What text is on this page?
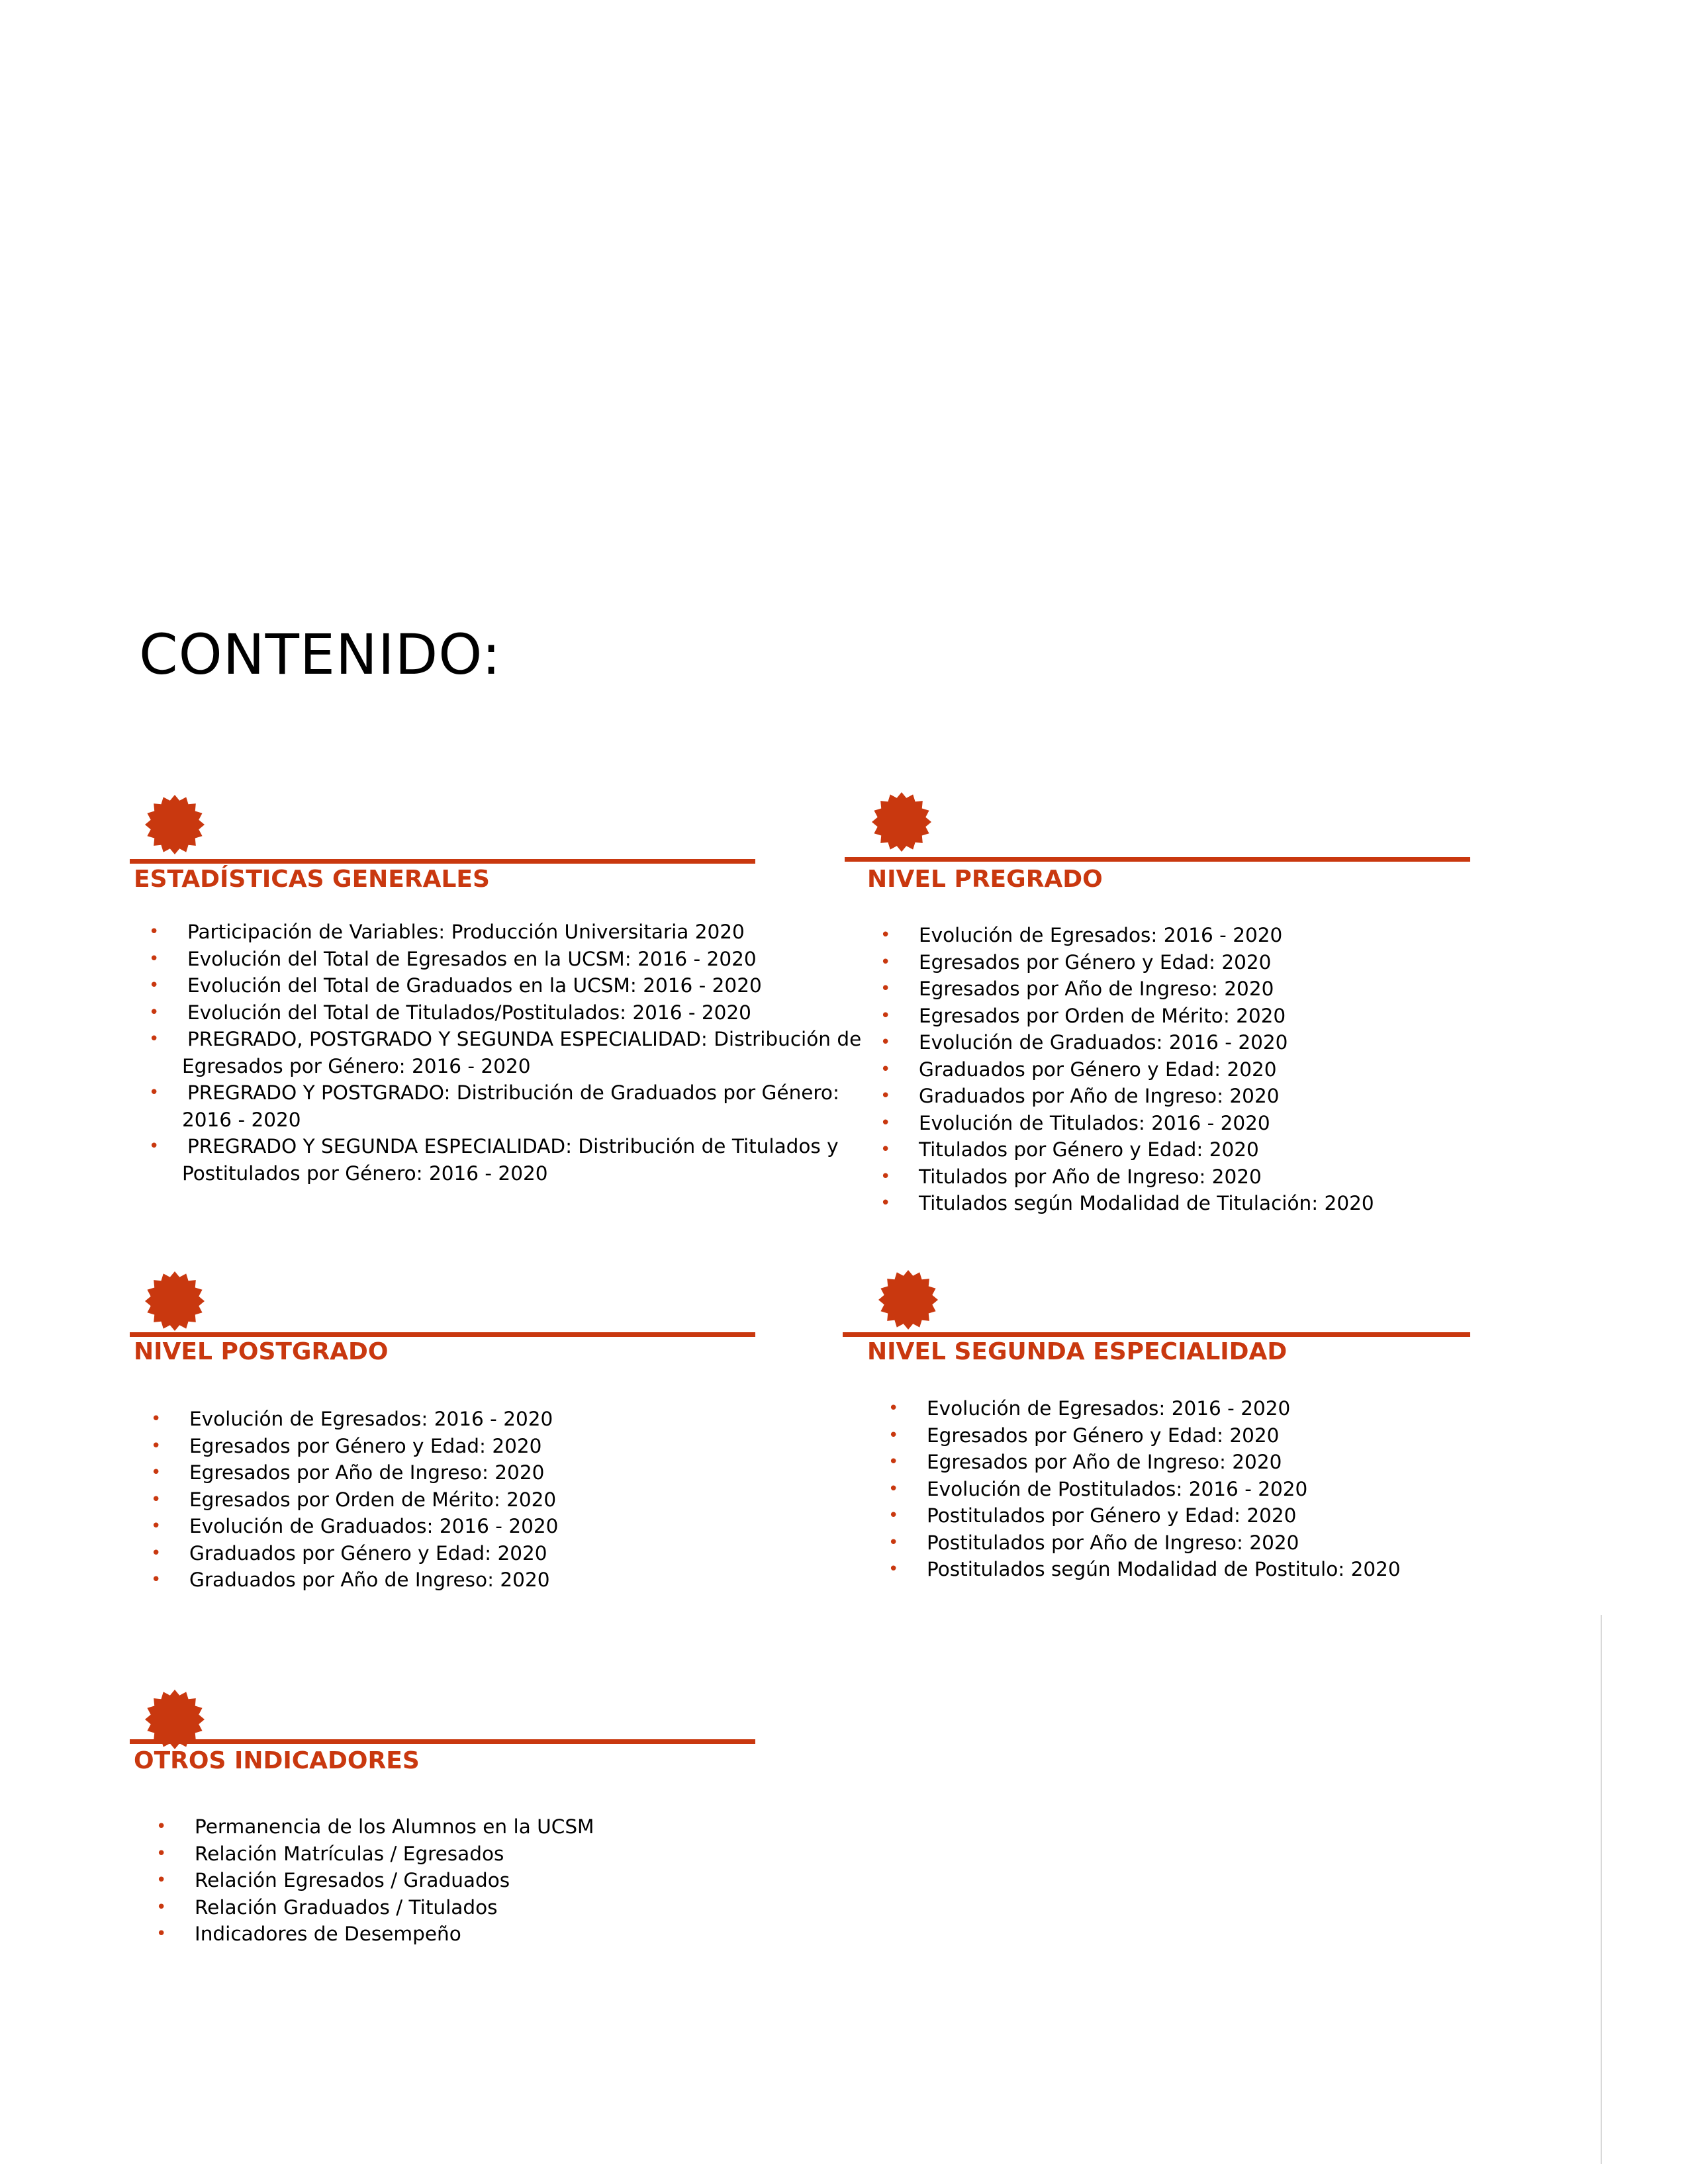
CONTENIDO:
ESTADÍSTICAS GENERALES
• Participación de Variables: Producción Universitaria 2020
• Evolución del Total de Egresados en la UCSM: 2016 - 2020
• Evolución del Total de Graduados en la UCSM: 2016 - 2020
• Evolución del Total de Titulados/Postitulados: 2016 - 2020
• PREGRADO, POSTGRADO Y SEGUNDA ESPECIALIDAD: Distribución de
Egresados por Género: 2016 - 2020
• PREGRADO Y POSTGRADO: Distribución de Graduados por Género:
2016 - 2020
• PREGRADO Y SEGUNDA ESPECIALIDAD: Distribución de Titulados y
Postitulados por Género: 2016 - 2020
NIVEL PREGRADO
• Evolución de Egresados: 2016 - 2020
• Egresados por Género y Edad: 2020
• Egresados por Año de Ingreso: 2020
• Egresados por Orden de Mérito: 2020
• Evolución de Graduados: 2016 - 2020
• Graduados por Género y Edad: 2020
• Graduados por Año de Ingreso: 2020
• Evolución de Titulados: 2016 - 2020
• Titulados por Género y Edad: 2020
• Titulados por Año de Ingreso: 2020
• Titulados según Modalidad de Titulación: 2020
NIVEL POSTGRADO
• Evolución de Egresados: 2016 - 2020
• Egresados por Género y Edad: 2020
• Egresados por Año de Ingreso: 2020
• Egresados por Orden de Mérito: 2020
• Evolución de Graduados: 2016 - 2020
• Graduados por Género y Edad: 2020
• Graduados por Año de Ingreso: 2020
NIVEL SEGUNDA ESPECIALIDAD
• Evolución de Egresados: 2016 - 2020
• Egresados por Género y Edad: 2020
• Egresados por Año de Ingreso: 2020
• Evolución de Postitulados: 2016 - 2020
• Postitulados por Género y Edad: 2020
• Postitulados por Año de Ingreso: 2020
• Postitulados según Modalidad de Postitulo: 2020
OTROS INDICADORES
• Permanencia de los Alumnos en la UCSM
• Relación Matrículas / Egresados
• Relación Egresados / Graduados
• Relación Graduados / Titulados
• Indicadores de Desempeño
